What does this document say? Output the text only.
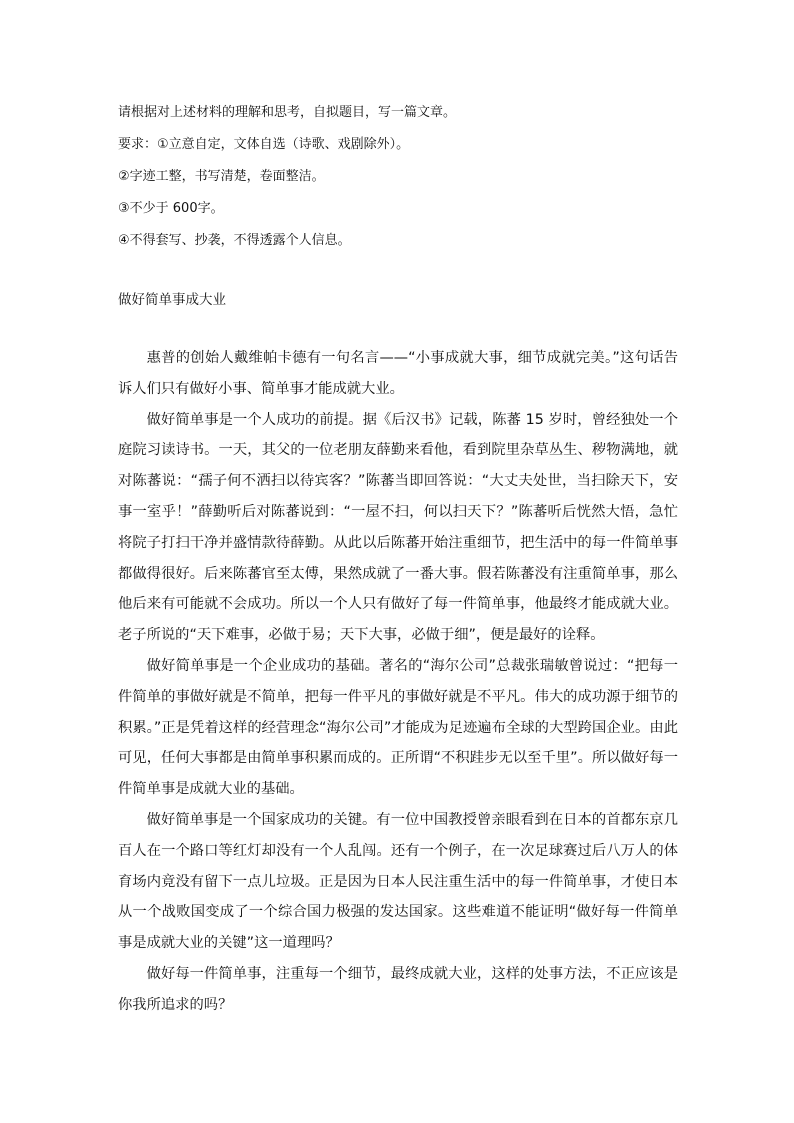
请根据对上述材料的理解和思考，自拟题目，写一篇文章。
要求：①立意自定，文体自选（诗歌、戏剧除外）。
②字迹工整，书写清楚，卷面整洁。
③不少于 600字。
④不得套写、抄袭，不得透露个人信息。
做好简单事成大业

惠普的创始人戴维帕卡德有一句名言——“小事成就大事，细节成就完美。”这句话告诉人们只有做好小事、简单事才能成就大业。

做好简单事是一个人成功的前提。据《后汉书》记载，陈蕃 15 岁时，曾经独处一个庭院习读诗书。一天，其父的一位老朋友薛勤来看他，看到院里杂草丛生、秽物满地，就对陈蕃说：“孺子何不洒扫以待宾客？”陈蕃当即回答说：“大丈夫处世，当扫除天下，安事一室乎！”薛勤听后对陈蕃说到：“一屋不扫，何以扫天下？”陈蕃听后恍然大悟，急忙将院子打扫干净并盛情款待薛勤。从此以后陈蕃开始注重细节，把生活中的每一件简单事都做得很好。后来陈蕃官至太傅，果然成就了一番大事。假若陈蕃没有注重简单事，那么他后来有可能就不会成功。所以一个人只有做好了每一件简单事，他最终才能成就大业。老子所说的“天下难事，必做于易；天下大事，必做于细”，便是最好的诠释。

做好简单事是一个企业成功的基础。著名的“海尔公司”总裁张瑞敏曾说过：“把每一件简单的事做好就是不简单，把每一件平凡的事做好就是不平凡。伟大的成功源于细节的积累。”正是凭着这样的经营理念“海尔公司”才能成为足迹遍布全球的大型跨国企业。由此可见，任何大事都是由简单事积累而成的。正所谓“不积跬步无以至千里”。所以做好每一件简单事是成就大业的基础。

做好简单事是一个国家成功的关键。有一位中国教授曾亲眼看到在日本的首都东京几百人在一个路口等红灯却没有一个人乱闯。还有一个例子，在一次足球赛过后八万人的体育场内竟没有留下一点儿垃圾。正是因为日本人民注重生活中的每一件简单事，才使日本从一个战败国变成了一个综合国力极强的发达国家。这些难道不能证明“做好每一件简单事是成就大业的关键”这一道理吗？

做好每一件简单事，注重每一个细节，最终成就大业，这样的处事方法，不正应该是你我所追求的吗？
